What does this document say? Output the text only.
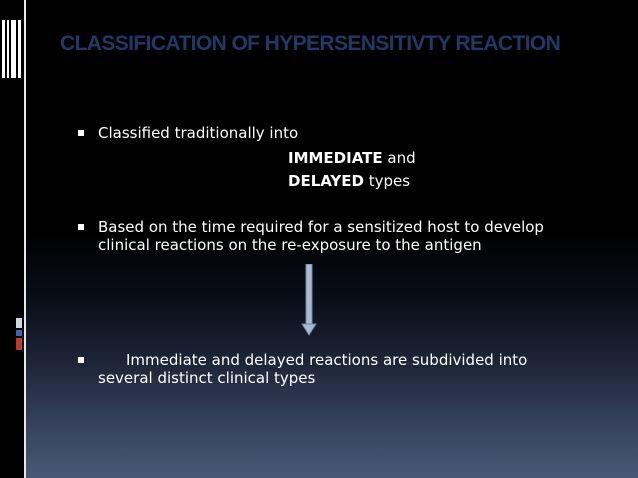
CLASSIFICATION OF HYPERSENSITIVTY REACTION
Classified traditionally into
IMMEDIATE and
DELAYED types
Based on the time required for a sensitized host to develop
clinical reactions on the re-exposure to the antigen
Immediate and delayed reactions are subdivided into
several distinct clinical types
